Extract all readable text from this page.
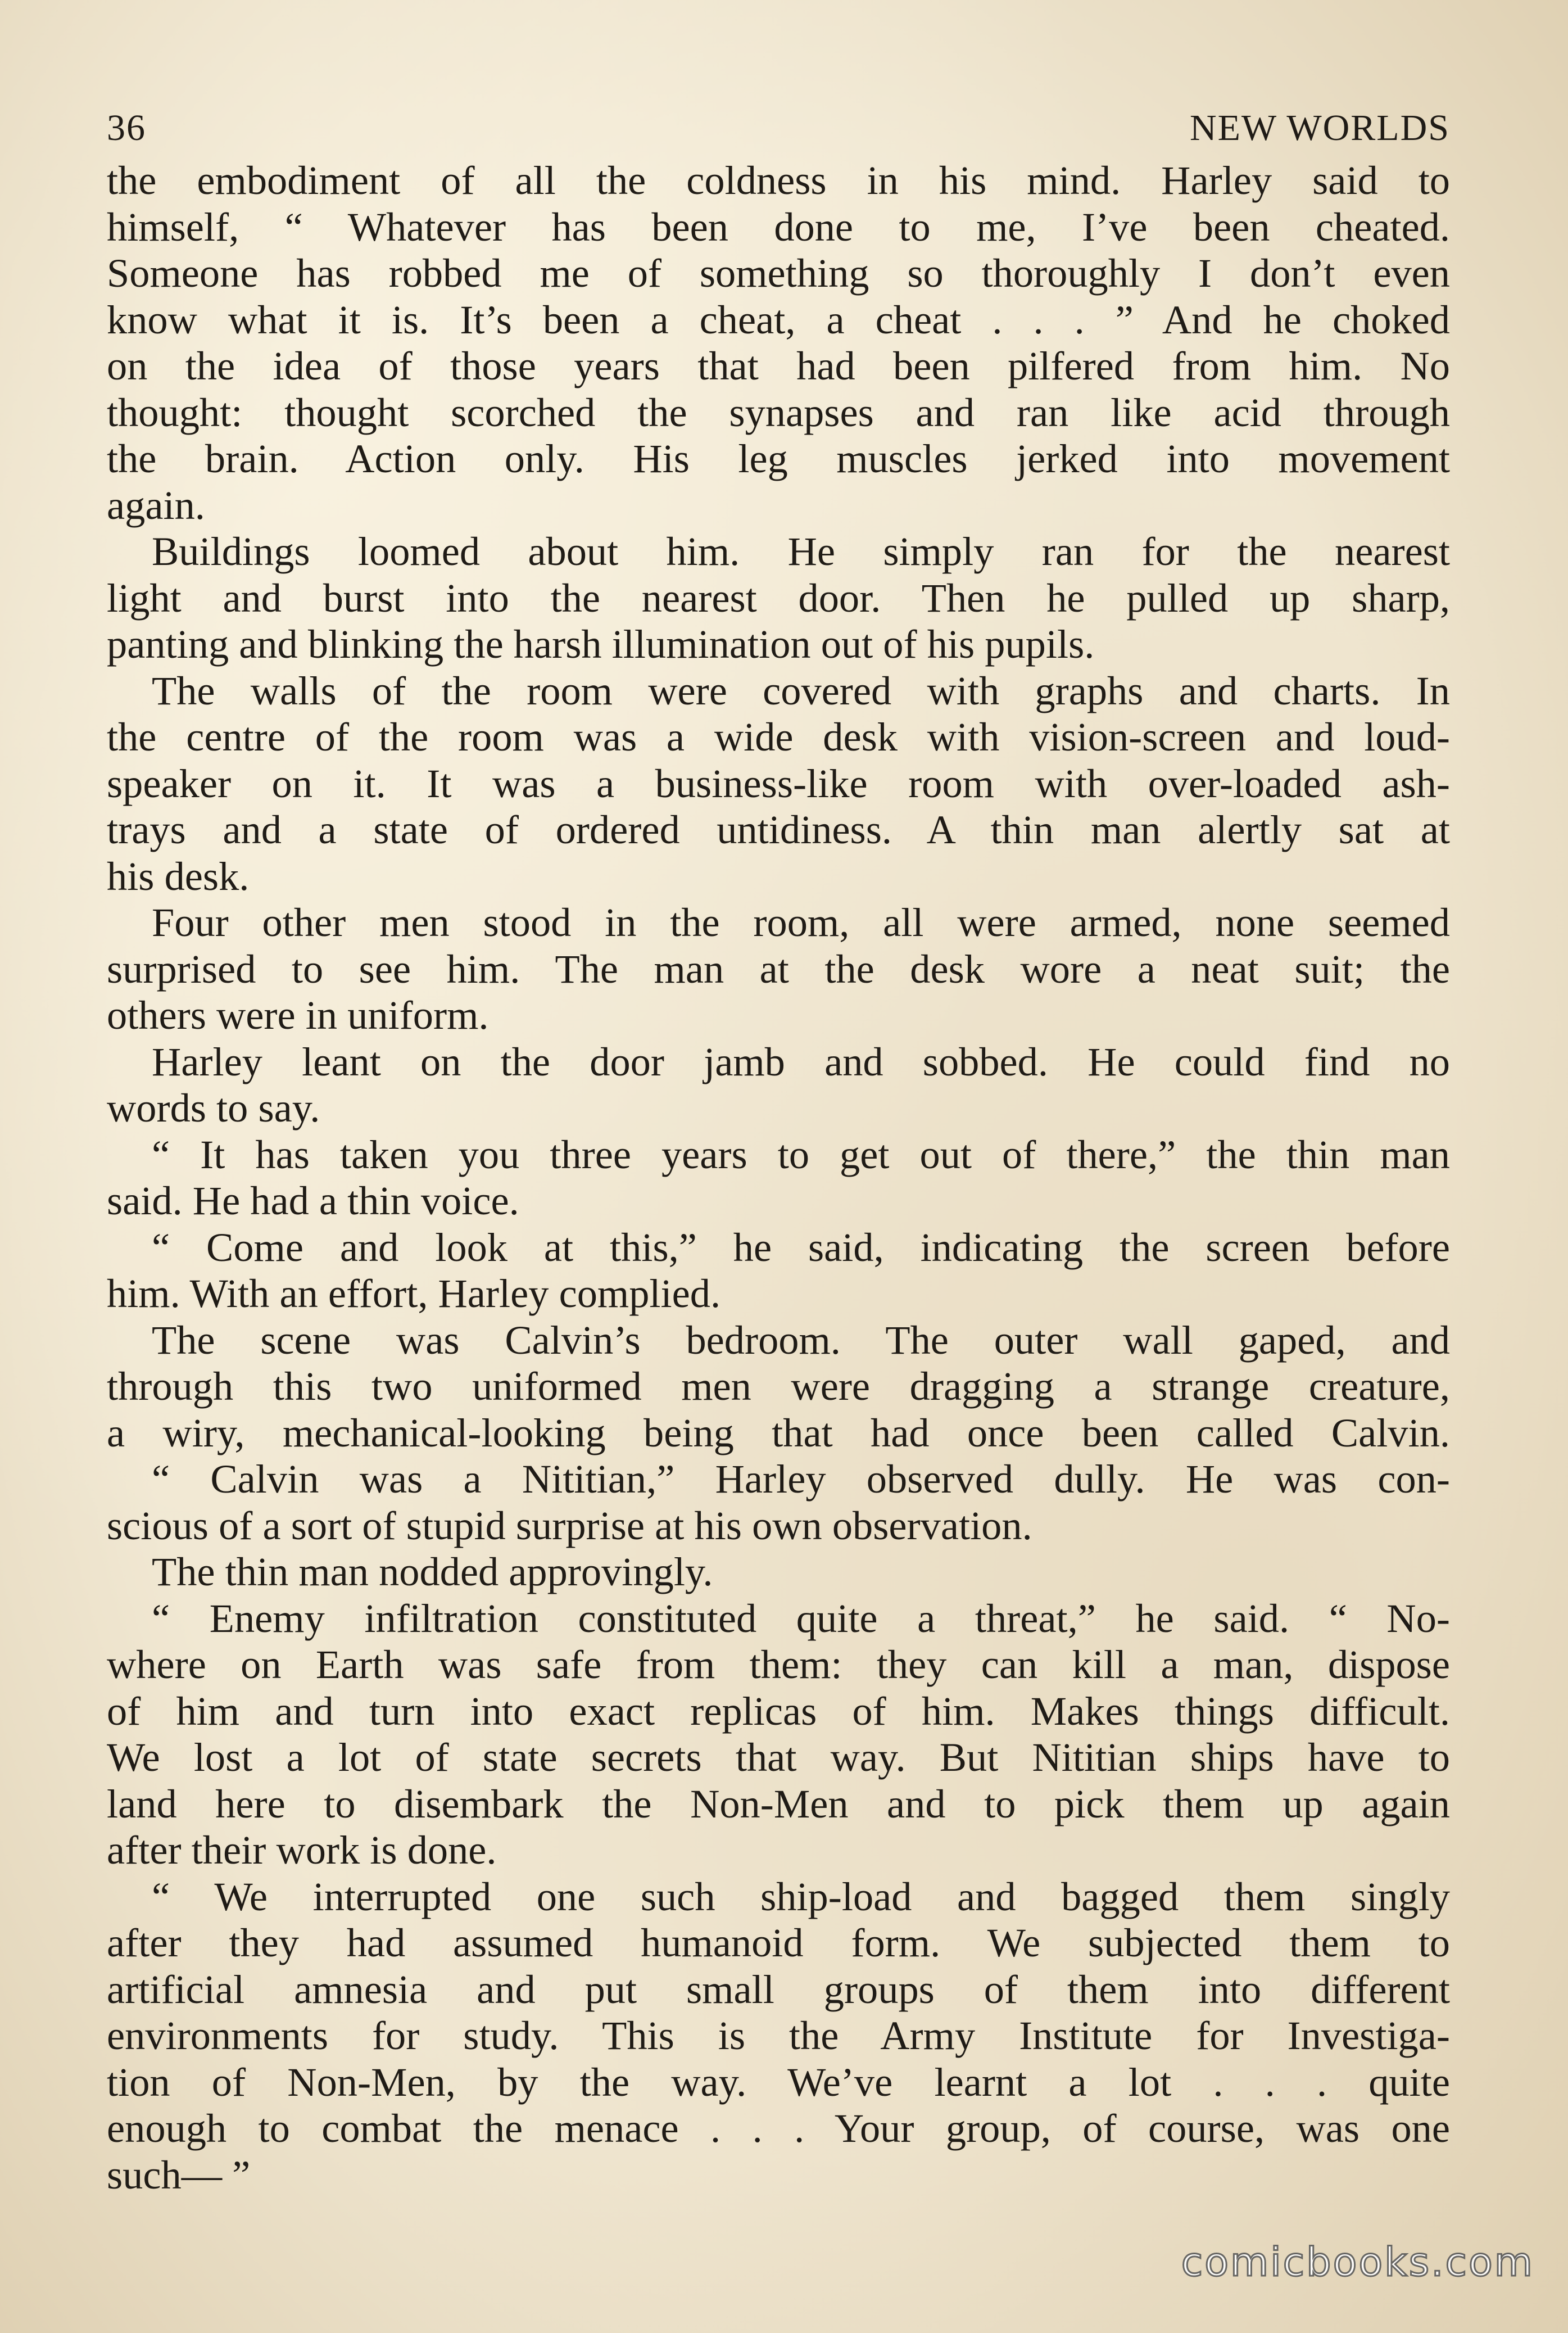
36	NEW WORLDS

the embodiment of all the coldness in his mind. Harley said to
himself, “ Whatever has been done to me, I’ve been cheated.
Someone has robbed me of something so thoroughly I don’t even
know what it is. It’s been a cheat, a cheat . . . ” And he choked
on the idea of those years that had been pilfered from him. No
thought: thought scorched the synapses and ran like acid through
the brain. Action only. His leg muscles jerked into movement
again.

Buildings loomed about him. He simply ran for the nearest
light and burst into the nearest door. Then he pulled up sharp,
panting and blinking the harsh illumination out of his pupils.

The walls of the room were covered with graphs and charts. In
the centre of the room was a wide desk with vision-screen and loud-
speaker on it. It was a business-like room with over-loaded ash-
trays and a state of ordered untidiness. A thin man alertly sat at
his desk.

Four other men stood in the room, all were armed, none seemed
surprised to see him. The man at the desk wore a neat suit; the
others were in uniform.

Harley leant on the door jamb and sobbed. He could find no
words to say.

“ It has taken you three years to get out of there,” the thin man
said. He had a thin voice.

“ Come and look at this,” he said, indicating the screen before
him. With an effort, Harley complied.

The scene was Calvin’s bedroom. The outer wall gaped, and
through this two uniformed men were dragging a strange creature,
a wiry, mechanical-looking being that had once been called Calvin.

“ Calvin was a Nititian,” Harley observed dully. He was con-
scious of a sort of stupid surprise at his own observation.

The thin man nodded approvingly.

“ Enemy infiltration constituted quite a threat,” he said. “ No-
where on Earth was safe from them: they can kill a man, dispose
of him and turn into exact replicas of him. Makes things difficult.
We lost a lot of state secrets that way. But Nititian ships have to
land here to disembark the Non-Men and to pick them up again
after their work is done.

“ We interrupted one such ship-load and bagged them singly
after they had assumed humanoid form. We subjected them to
artificial amnesia and put small groups of them into different
environments for study. This is the Army Institute for Investiga-
tion of Non-Men, by the way. We’ve learnt a lot . . . quite
enough to combat the menace . . . Your group, of course, was one
such— ”

comicbooks.com
